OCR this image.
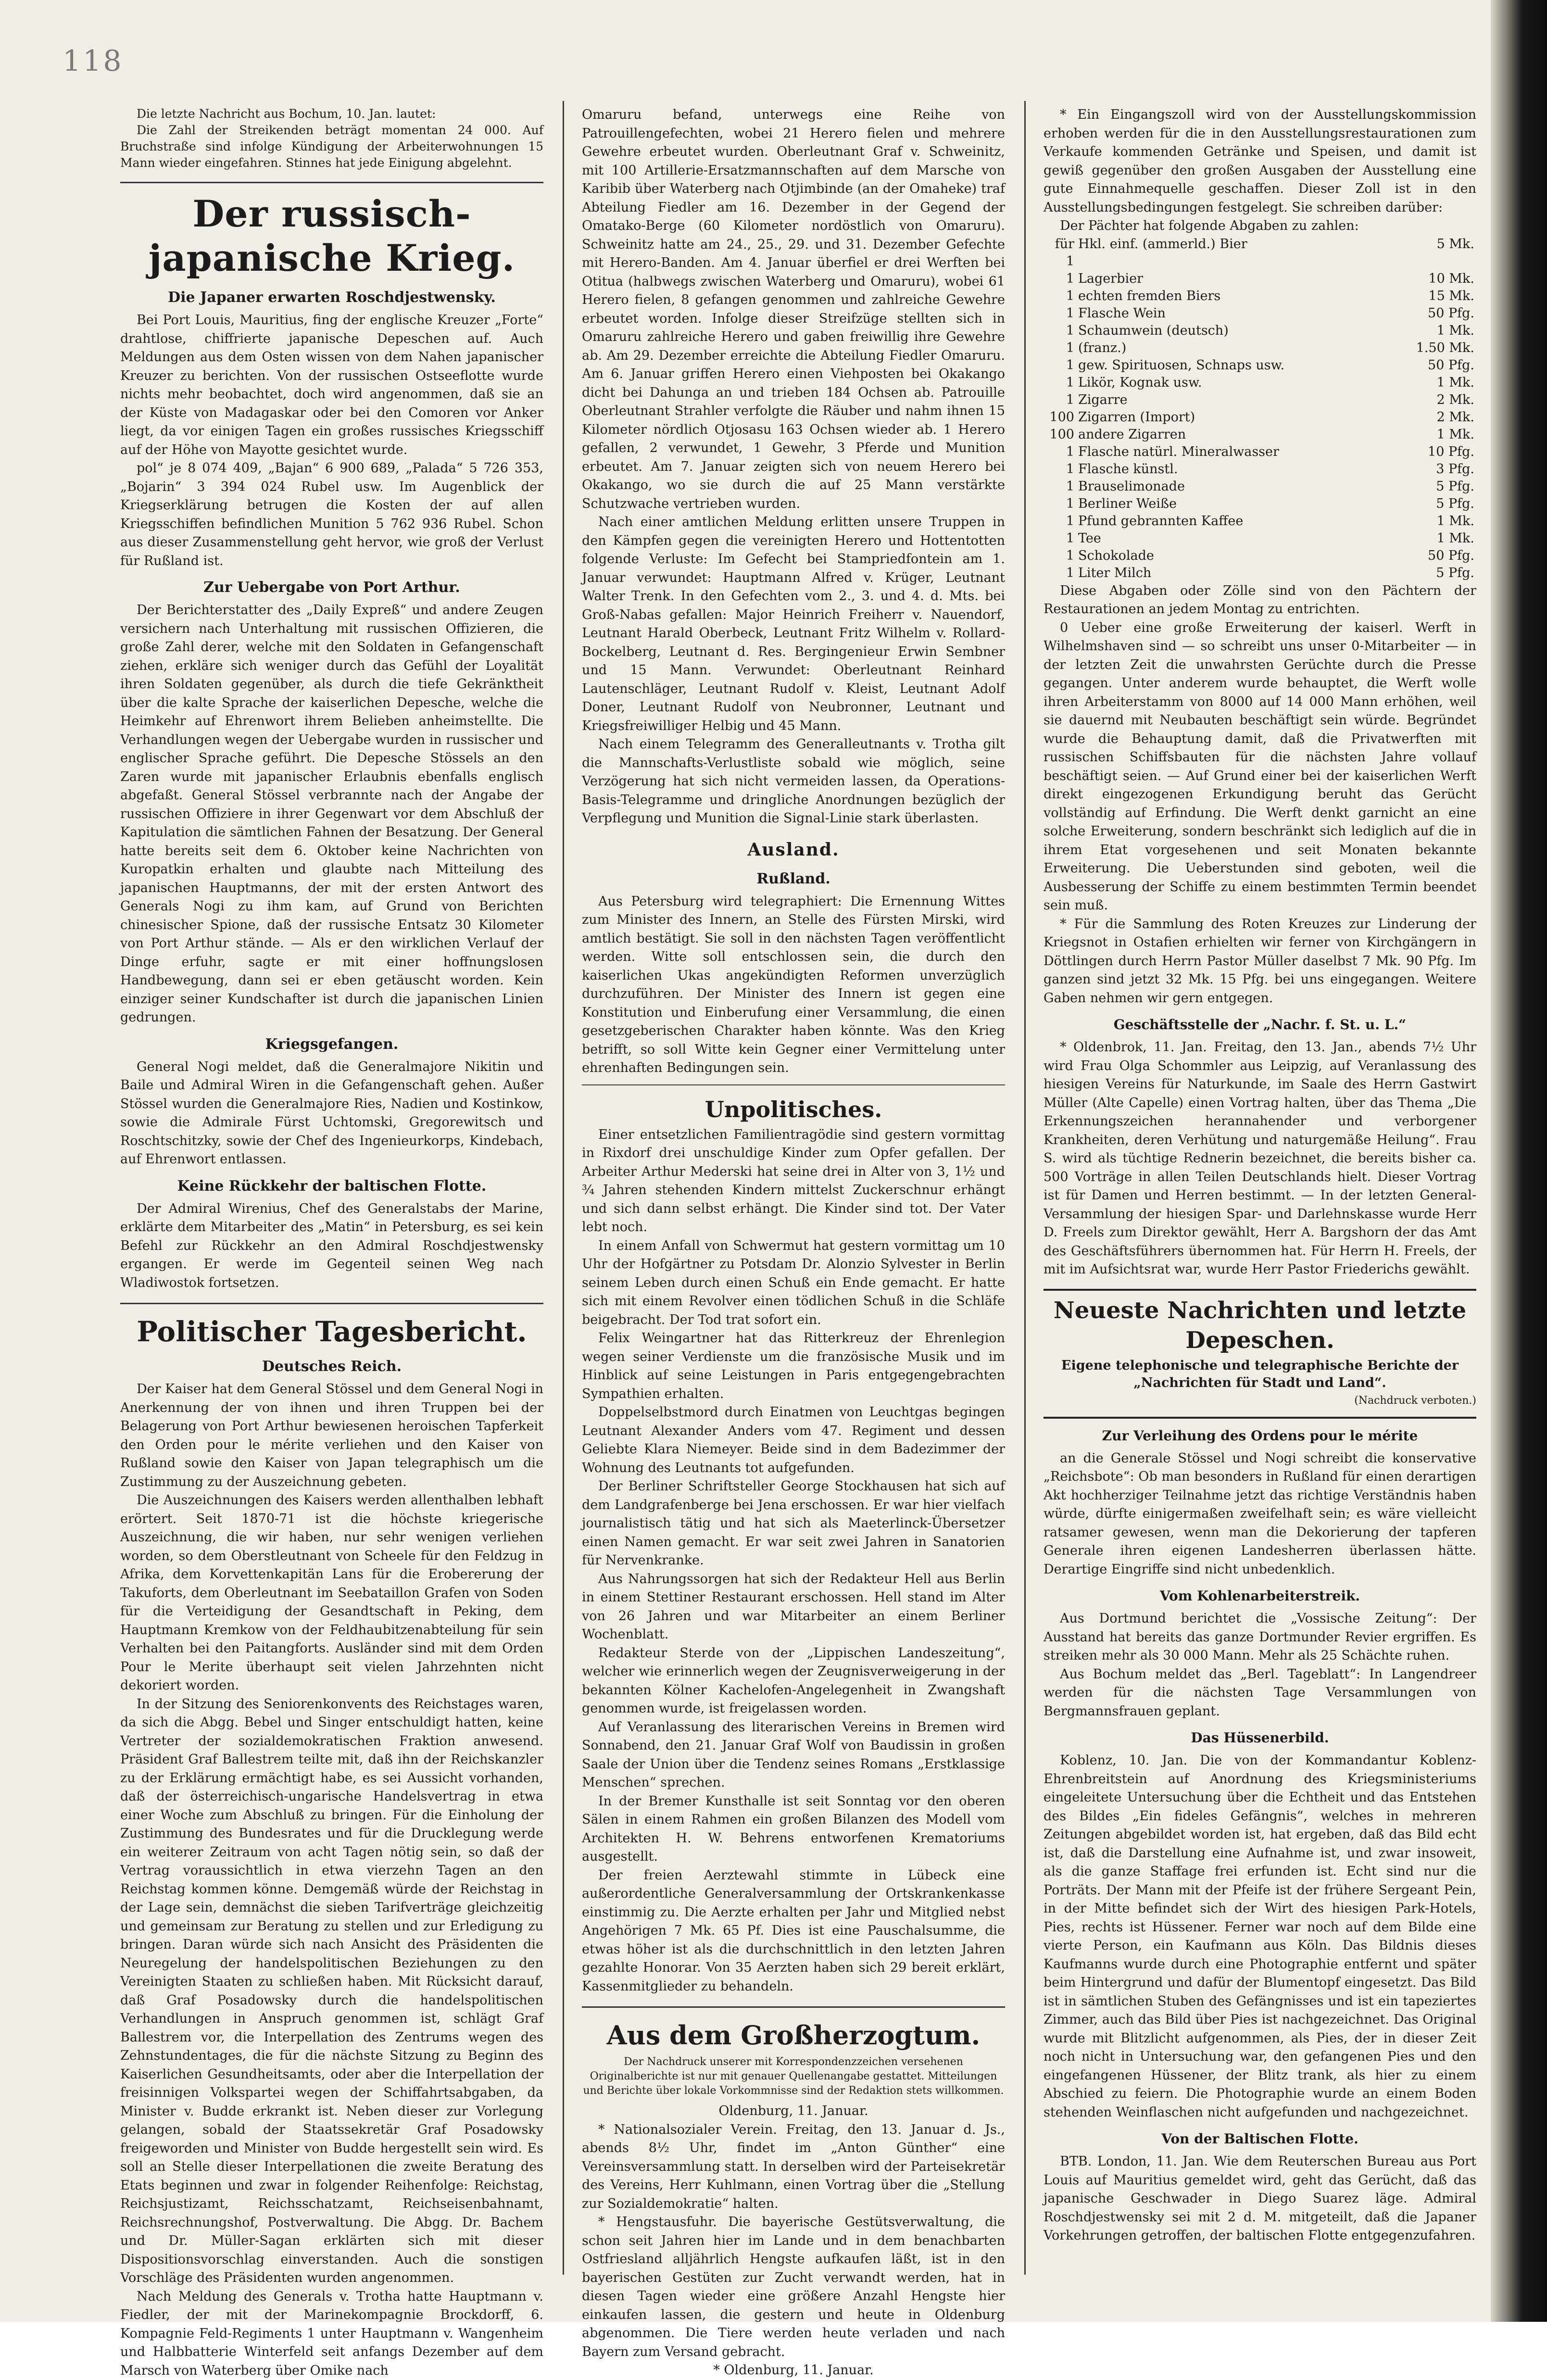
118

Die letzte Nachricht aus Bochum, 10. Jan. lautet:

Die Zahl der Streikenden beträgt momentan 24 000. Auf Bruchstraße sind infolge Kündigung der Arbeiterwohnungen 15 Mann wieder eingefahren. Stinnes hat jede Einigung abgelehnt.

Der russisch-japanische Krieg.
Die Japaner erwarten Roschdjestwensky.

Bei Port Louis, Mauritius, fing der englische Kreuzer „Forte“ drahtlose, chiffrierte japanische Depeschen auf. Auch Meldungen aus dem Osten wissen von dem Nahen japanischer Kreuzer zu berichten. Von der russischen Ostseeflotte wurde nichts mehr beobachtet, doch wird angenommen, daß sie an der Küste von Madagaskar oder bei den Comoren vor Anker liegt, da vor einigen Tagen ein großes russisches Kriegsschiff auf der Höhe von Mayotte gesichtet wurde.

pol“ je 8 074 409, „Bajan“ 6 900 689, „Palada“ 5 726 353, „Bojarin“ 3 394 024 Rubel usw. Im Augenblick der Kriegserklärung betrugen die Kosten der auf allen Kriegsschiffen befindlichen Munition 5 762 936 Rubel. Schon aus dieser Zusammenstellung geht hervor, wie groß der Verlust für Rußland ist.

Zur Uebergabe von Port Arthur.

Der Berichterstatter des „Daily Expreß“ und andere Zeugen versichern nach Unterhaltung mit russischen Offizieren, die große Zahl derer, welche mit den Soldaten in Gefangenschaft ziehen, erkläre sich weniger durch das Gefühl der Loyalität ihren Soldaten gegenüber, als durch die tiefe Gekränktheit über die kalte Sprache der kaiserlichen Depesche, welche die Heimkehr auf Ehrenwort ihrem Belieben anheimstellte. Die Verhandlungen wegen der Uebergabe wurden in russischer und englischer Sprache geführt. Die Depesche Stössels an den Zaren wurde mit japanischer Erlaubnis ebenfalls englisch abgefaßt. General Stössel verbrannte nach der Angabe der russischen Offiziere in ihrer Gegenwart vor dem Abschluß der Kapitulation die sämtlichen Fahnen der Besatzung. Der General hatte bereits seit dem 6. Oktober keine Nachrichten von Kuropatkin erhalten und glaubte nach Mitteilung des japanischen Hauptmanns, der mit der ersten Antwort des Generals Nogi zu ihm kam, auf Grund von Berichten chinesischer Spione, daß der russische Entsatz 30 Kilometer von Port Arthur stände. — Als er den wirklichen Verlauf der Dinge erfuhr, sagte er mit einer hoffnungslosen Handbewegung, dann sei er eben getäuscht worden. Kein einziger seiner Kundschafter ist durch die japanischen Linien gedrungen.

Kriegsgefangen.

General Nogi meldet, daß die Generalmajore Nikitin und Baile und Admiral Wiren in die Gefangenschaft gehen. Außer Stössel wurden die Generalmajore Ries, Nadien und Kostinkow, sowie die Admirale Fürst Uchtomski, Gregorewitsch und Roschtschitzky, sowie der Chef des Ingenieurkorps, Kindebach, auf Ehrenwort entlassen.

Keine Rückkehr der baltischen Flotte.

Der Admiral Wirenius, Chef des Generalstabs der Marine, erklärte dem Mitarbeiter des „Matin“ in Petersburg, es sei kein Befehl zur Rückkehr an den Admiral Roschdjestwensky ergangen. Er werde im Gegenteil seinen Weg nach Wladiwostok fortsetzen.

Politischer Tagesbericht.
Deutsches Reich.

Der Kaiser hat dem General Stössel und dem General Nogi in Anerkennung der von ihnen und ihren Truppen bei der Belagerung von Port Arthur bewiesenen heroischen Tapferkeit den Orden pour le mérite verliehen und den Kaiser von Rußland sowie den Kaiser von Japan telegraphisch um die Zustimmung zu der Auszeichnung gebeten.

Die Auszeichnungen des Kaisers werden allenthalben lebhaft erörtert. Seit 1870-71 ist die höchste kriegerische Auszeichnung, die wir haben, nur sehr wenigen verliehen worden, so dem Oberstleutnant von Scheele für den Feldzug in Afrika, dem Korvettenkapitän Lans für die Erobererung der Takuforts, dem Oberleutnant im Seebataillon Grafen von Soden für die Verteidigung der Gesandtschaft in Peking, dem Hauptmann Kremkow von der Feldhaubitzenabteilung für sein Verhalten bei den Paitangforts. Ausländer sind mit dem Orden Pour le Merite überhaupt seit vielen Jahrzehnten nicht dekoriert worden.

In der Sitzung des Seniorenkonvents des Reichstages waren, da sich die Abgg. Bebel und Singer entschuldigt hatten, keine Vertreter der sozialdemokratischen Fraktion anwesend. Präsident Graf Ballestrem teilte mit, daß ihn der Reichskanzler zu der Erklärung ermächtigt habe, es sei Aussicht vorhanden, daß der österreichisch-ungarische Handelsvertrag in etwa einer Woche zum Abschluß zu bringen. Für die Einholung der Zustimmung des Bundesrates und für die Drucklegung werde ein weiterer Zeitraum von acht Tagen nötig sein, so daß der Vertrag voraussichtlich in etwa vierzehn Tagen an den Reichstag kommen könne. Demgemäß würde der Reichstag in der Lage sein, demnächst die sieben Tarifverträge gleichzeitig und gemeinsam zur Beratung zu stellen und zur Erledigung zu bringen. Daran würde sich nach Ansicht des Präsidenten die Neuregelung der handelspolitischen Beziehungen zu den Vereinigten Staaten zu schließen haben. Mit Rücksicht darauf, daß Graf Posadowsky durch die handelspolitischen Verhandlungen in Anspruch genommen ist, schlägt Graf Ballestrem vor, die Interpellation des Zentrums wegen des Zehnstundentages, die für die nächste Sitzung zu Beginn des Kaiserlichen Gesundheitsamts, oder aber die Interpellation der freisinnigen Volkspartei wegen der Schiffahrtsabgaben, da Minister v. Budde erkrankt ist. Neben dieser zur Vorlegung gelangen, sobald der Staatssekretär Graf Posadowsky freigeworden und Minister von Budde hergestellt sein wird. Es soll an Stelle dieser Interpellationen die zweite Beratung des Etats beginnen und zwar in folgender Reihenfolge: Reichstag, Reichsjustizamt, Reichsschatzamt, Reichseisenbahnamt, Reichsrechnungshof, Postverwaltung. Die Abgg. Dr. Bachem und Dr. Müller-Sagan erklärten sich mit dieser Dispositionsvorschlag einverstanden. Auch die sonstigen Vorschläge des Präsidenten wurden angenommen.

Nach Meldung des Generals v. Trotha hatte Hauptmann v. Fiedler, der mit der Marinekompagnie Brockdorff, 6. Kompagnie Feld-Regiments 1 unter Hauptmann v. Wangenheim und Halbbatterie Winterfeld seit anfangs Dezember auf dem Marsch von Waterberg über Omike nach

Omaruru befand, unterwegs eine Reihe von Patrouillengefechten, wobei 21 Herero fielen und mehrere Gewehre erbeutet wurden. Oberleutnant Graf v. Schweinitz, mit 100 Artillerie-Ersatzmannschaften auf dem Marsche von Karibib über Waterberg nach Otjimbinde (an der Omaheke) traf Abteilung Fiedler am 16. Dezember in der Gegend der Omatako-Berge (60 Kilometer nordöstlich von Omaruru). Schweinitz hatte am 24., 25., 29. und 31. Dezember Gefechte mit Herero-Banden. Am 4. Januar überfiel er drei Werften bei Otitua (halbwegs zwischen Waterberg und Omaruru), wobei 61 Herero fielen, 8 gefangen genommen und zahlreiche Gewehre erbeutet worden. Infolge dieser Streifzüge stellten sich in Omaruru zahlreiche Herero und gaben freiwillig ihre Gewehre ab. Am 29. Dezember erreichte die Abteilung Fiedler Omaruru. Am 6. Januar griffen Herero einen Viehposten bei Okakango dicht bei Dahunga an und trieben 184 Ochsen ab. Patrouille Oberleutnant Strahler verfolgte die Räuber und nahm ihnen 15 Kilometer nördlich Otjosasu 163 Ochsen wieder ab. 1 Herero gefallen, 2 verwundet, 1 Gewehr, 3 Pferde und Munition erbeutet. Am 7. Januar zeigten sich von neuem Herero bei Okakango, wo sie durch die auf 25 Mann verstärkte Schutzwache vertrieben wurden.

Nach einer amtlichen Meldung erlitten unsere Truppen in den Kämpfen gegen die vereinigten Herero und Hottentotten folgende Verluste: Im Gefecht bei Stampriedfontein am 1. Januar verwundet: Hauptmann Alfred v. Krüger, Leutnant Walter Trenk. In den Gefechten vom 2., 3. und 4. d. Mts. bei Groß-Nabas gefallen: Major Heinrich Freiherr v. Nauendorf, Leutnant Harald Oberbeck, Leutnant Fritz Wilhelm v. Rollard-Bockelberg, Leutnant d. Res. Bergingenieur Erwin Sembner und 15 Mann. Verwundet: Oberleutnant Reinhard Lautenschläger, Leutnant Rudolf v. Kleist, Leutnant Adolf Doner, Leutnant Rudolf von Neubronner, Leutnant und Kriegsfreiwilliger Helbig und 45 Mann.

Nach einem Telegramm des Generalleutnants v. Trotha gilt die Mannschafts-Verlustliste sobald wie möglich, seine Verzögerung hat sich nicht vermeiden lassen, da Operations-Basis-Telegramme und dringliche Anordnungen bezüglich der Verpflegung und Munition die Signal-Linie stark überlasten.

Ausland.
Rußland.

Aus Petersburg wird telegraphiert: Die Ernennung Wittes zum Minister des Innern, an Stelle des Fürsten Mirski, wird amtlich bestätigt. Sie soll in den nächsten Tagen veröffentlicht werden. Witte soll entschlossen sein, die durch den kaiserlichen Ukas angekündigten Reformen unverzüglich durchzuführen. Der Minister des Innern ist gegen eine Konstitution und Einberufung einer Versammlung, die einen gesetzgeberischen Charakter haben könnte. Was den Krieg betrifft, so soll Witte kein Gegner einer Vermittelung unter ehrenhaften Bedingungen sein.

Unpolitisches.

Einer entsetzlichen Familientragödie sind gestern vormittag in Rixdorf drei unschuldige Kinder zum Opfer gefallen. Der Arbeiter Arthur Mederski hat seine drei in Alter von 3, 1½ und ¾ Jahren stehenden Kindern mittelst Zuckerschnur erhängt und sich dann selbst erhängt. Die Kinder sind tot. Der Vater lebt noch.

In einem Anfall von Schwermut hat gestern vormittag um 10 Uhr der Hofgärtner zu Potsdam Dr. Alonzio Sylvester in Berlin seinem Leben durch einen Schuß ein Ende gemacht. Er hatte sich mit einem Revolver einen tödlichen Schuß in die Schläfe beigebracht. Der Tod trat sofort ein.

Felix Weingartner hat das Ritterkreuz der Ehrenlegion wegen seiner Verdienste um die französische Musik und im Hinblick auf seine Leistungen in Paris entgegengebrachten Sympathien erhalten.

Doppelselbstmord durch Einatmen von Leuchtgas begingen Leutnant Alexander Anders vom 47. Regiment und dessen Geliebte Klara Niemeyer. Beide sind in dem Badezimmer der Wohnung des Leutnants tot aufgefunden.

Der Berliner Schriftsteller George Stockhausen hat sich auf dem Landgrafenberge bei Jena erschossen. Er war hier vielfach journalistisch tätig und hat sich als Maeterlinck-Übersetzer einen Namen gemacht. Er war seit zwei Jahren in Sanatorien für Nervenkranke.

Aus Nahrungssorgen hat sich der Redakteur Hell aus Berlin in einem Stettiner Restaurant erschossen. Hell stand im Alter von 26 Jahren und war Mitarbeiter an einem Berliner Wochenblatt.

Redakteur Sterde von der „Lippischen Landeszeitung“, welcher wie erinnerlich wegen der Zeugnisverweigerung in der bekannten Kölner Kachelofen-Angelegenheit in Zwangshaft genommen wurde, ist freigelassen worden.

Auf Veranlassung des literarischen Vereins in Bremen wird Sonnabend, den 21. Januar Graf Wolf von Baudissin in großen Saale der Union über die Tendenz seines Romans „Erstklassige Menschen“ sprechen.

In der Bremer Kunsthalle ist seit Sonntag vor den oberen Sälen in einem Rahmen ein großen Bilanzen des Modell vom Architekten H. W. Behrens entworfenen Krematoriums ausgestellt.

Der freien Aerztewahl stimmte in Lübeck eine außerordentliche Generalversammlung der Ortskrankenkasse einstimmig zu. Die Aerzte erhalten per Jahr und Mitglied nebst Angehörigen 7 Mk. 65 Pf. Dies ist eine Pauschalsumme, die etwas höher ist als die durchschnittlich in den letzten Jahren gezahlte Honorar. Von 35 Aerzten haben sich 29 bereit erklärt, Kassenmitglieder zu behandeln.

Aus dem Großherzogtum.
Der Nachdruck unserer mit Korrespondenzzeichen versehenen Originalberichte ist nur mit genauer Quellenangabe gestattet. Mitteilungen und Berichte über lokale Vorkommnisse sind der Redaktion stets willkommen.

Oldenburg, 11. Januar.

* Nationalsozialer Verein. Freitag, den 13. Januar d. Js., abends 8½ Uhr, findet im „Anton Günther“ eine Vereinsversammlung statt. In derselben wird der Parteisekretär des Vereins, Herr Kuhlmann, einen Vortrag über die „Stellung zur Sozialdemokratie“ halten.

* Hengstausfuhr. Die bayerische Gestütsverwaltung, die schon seit Jahren hier im Lande und in dem benachbarten Ostfriesland alljährlich Hengste aufkaufen läßt, ist in den bayerischen Gestüten zur Zucht verwandt werden, hat in diesen Tagen wieder eine größere Anzahl Hengste hier einkaufen lassen, die gestern und heute in Oldenburg abgenommen. Die Tiere werden heute verladen und nach Bayern zum Versand gebracht.

* Oldenburg, 11. Januar.

* Ein Eingangszoll wird von der Ausstellungskommission erhoben werden für die in den Ausstellungsrestaurationen zum Verkaufe kommenden Getränke und Speisen, und damit ist gewiß gegenüber den großen Ausgaben der Ausstellung eine gute Einnahmequelle geschaffen. Dieser Zoll ist in den Ausstellungsbedingungen festgelegt. Sie schreiben darüber:

Der Pächter hat folgende Abgaben zu zahlen:

für 1	Hkl. einf. (ammerld.) Bier	5 Mk.
1	Lagerbier	10 Mk.
1	echten fremden Biers	15 Mk.
1	Flasche Wein	50 Pfg.
1	Schaumwein (deutsch)	1 Mk.
1	(franz.)	1.50 Mk.
1	gew. Spirituosen, Schnaps usw.	50 Pfg.
1	Likör, Kognak usw.	1 Mk.
1	Zigarre	2 Mk.
100	Zigarren (Import)	2 Mk.
100	andere Zigarren	1 Mk.
1	Flasche natürl. Mineralwasser	10 Pfg.
1	Flasche künstl.	3 Pfg.
1	Brauselimonade	5 Pfg.
1	Berliner Weiße	5 Pfg.
1	Pfund gebrannten Kaffee	1 Mk.
1	Tee	1 Mk.
1	Schokolade	50 Pfg.
1	Liter Milch	5 Pfg.

Diese Abgaben oder Zölle sind von den Pächtern der Restaurationen an jedem Montag zu entrichten.

0 Ueber eine große Erweiterung der kaiserl. Werft in Wilhelmshaven sind — so schreibt uns unser 0-Mitarbeiter — in der letzten Zeit die unwahrsten Gerüchte durch die Presse gegangen. Unter anderem wurde behauptet, die Werft wolle ihren Arbeiterstamm von 8000 auf 14 000 Mann erhöhen, weil sie dauernd mit Neubauten beschäftigt sein würde. Begründet wurde die Behauptung damit, daß die Privatwerften mit russischen Schiffsbauten für die nächsten Jahre vollauf beschäftigt seien. — Auf Grund einer bei der kaiserlichen Werft direkt eingezogenen Erkundigung beruht das Gerücht vollständig auf Erfindung. Die Werft denkt garnicht an eine solche Erweiterung, sondern beschränkt sich lediglich auf die in ihrem Etat vorgesehenen und seit Monaten bekannte Erweiterung. Die Ueberstunden sind geboten, weil die Ausbesserung der Schiffe zu einem bestimmten Termin beendet sein muß.

* Für die Sammlung des Roten Kreuzes zur Linderung der Kriegsnot in Ostafien erhielten wir ferner von Kirchgängern in Döttlingen durch Herrn Pastor Müller daselbst 7 Mk. 90 Pfg. Im ganzen sind jetzt 32 Mk. 15 Pfg. bei uns eingegangen. Weitere Gaben nehmen wir gern entgegen.

Geschäftsstelle der „Nachr. f. St. u. L.“

* Oldenbrok, 11. Jan. Freitag, den 13. Jan., abends 7½ Uhr wird Frau Olga Schommler aus Leipzig, auf Veranlassung des hiesigen Vereins für Naturkunde, im Saale des Herrn Gastwirt Müller (Alte Capelle) einen Vortrag halten, über das Thema „Die Erkennungszeichen herannahender und verborgener Krankheiten, deren Verhütung und naturgemäße Heilung“. Frau S. wird als tüchtige Rednerin bezeichnet, die bereits bisher ca. 500 Vorträge in allen Teilen Deutschlands hielt. Dieser Vortrag ist für Damen und Herren bestimmt. — In der letzten General-Versammlung der hiesigen Spar- und Darlehnskasse wurde Herr D. Freels zum Direktor gewählt, Herr A. Bargshorn der das Amt des Geschäftsführers übernommen hat. Für Herrn H. Freels, der mit im Aufsichtsrat war, wurde Herr Pastor Friederichs gewählt.

Neueste Nachrichten und letzte Depeschen.
Eigene telephonische und telegraphische Berichte der „Nachrichten für Stadt und Land“.
(Nachdruck verboten.)
Zur Verleihung des Ordens pour le mérite

an die Generale Stössel und Nogi schreibt die konservative „Reichsbote“: Ob man besonders in Rußland für einen derartigen Akt hochherziger Teilnahme jetzt das richtige Verständnis haben würde, dürfte einigermaßen zweifelhaft sein; es wäre vielleicht ratsamer gewesen, wenn man die Dekorierung der tapferen Generale ihren eigenen Landesherren überlassen hätte. Derartige Eingriffe sind nicht unbedenklich.

Vom Kohlenarbeiterstreik.

Aus Dortmund berichtet die „Vossische Zeitung“: Der Ausstand hat bereits das ganze Dortmunder Revier ergriffen. Es streiken mehr als 30 000 Mann. Mehr als 25 Schächte ruhen.

Aus Bochum meldet das „Berl. Tageblatt“: In Langendreer werden für die nächsten Tage Versammlungen von Bergmannsfrauen geplant.

Das Hüssenerbild.

Koblenz, 10. Jan. Die von der Kommandantur Koblenz-Ehrenbreitstein auf Anordnung des Kriegsministeriums eingeleitete Untersuchung über die Echtheit und das Entstehen des Bildes „Ein fideles Gefängnis“, welches in mehreren Zeitungen abgebildet worden ist, hat ergeben, daß das Bild echt ist, daß die Darstellung eine Aufnahme ist, und zwar insoweit, als die ganze Staffage frei erfunden ist. Echt sind nur die Porträts. Der Mann mit der Pfeife ist der frühere Sergeant Pein, in der Mitte befindet sich der Wirt des hiesigen Park-Hotels, Pies, rechts ist Hüssener. Ferner war noch auf dem Bilde eine vierte Person, ein Kaufmann aus Köln. Das Bildnis dieses Kaufmanns wurde durch eine Photographie entfernt und später beim Hintergrund und dafür der Blumentopf eingesetzt. Das Bild ist in sämtlichen Stuben des Gefängnisses und ist ein tapeziertes Zimmer, auch das Bild über Pies ist nachgezeichnet. Das Original wurde mit Blitzlicht aufgenommen, als Pies, der in dieser Zeit noch nicht in Untersuchung war, den gefangenen Pies und den eingefangenen Hüssener, der Blitz trank, als hier zu einem Abschied zu feiern. Die Photographie wurde an einem Boden stehenden Weinflaschen nicht aufgefunden und nachgezeichnet.

Von der Baltischen Flotte.

BTB. London, 11. Jan. Wie dem Reuterschen Bureau aus Port Louis auf Mauritius gemeldet wird, geht das Gerücht, daß das japanische Geschwader in Diego Suarez läge. Admiral Roschdjestwensky sei mit 2 d. M. mitgeteilt, daß die Japaner Vorkehrungen getroffen, der baltischen Flotte entgegenzufahren.
